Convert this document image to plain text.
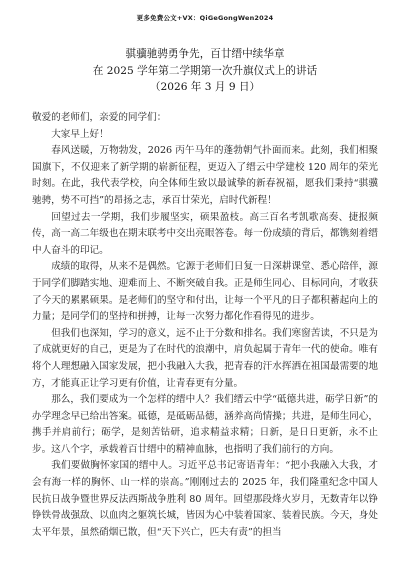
更多免费公文+VX：QiGeGongWen2024
骐骥驰骋勇争先，百廿缙中续华章
在 2025 学年第二学期第一次升旗仪式上的讲话
（2026 年 3 月 9 日）

敬爱的老师们，亲爱的同学们：

大家早上好！

春风送暖，万物勃发，2026 丙午马年的蓬勃朝气扑面而来。此刻，我们相聚国旗下，不仅迎来了新学期的崭新征程，更迈入了缙云中学建校 120 周年的荣光时刻。在此，我代表学校，向全体师生致以最诚挚的新春祝福，愿我们秉持“骐骥驰骋，势不可挡”的昂扬之志，承百廿荣光，启时代新程！

回望过去一学期，我们步履坚实，硕果盈枝。高三百名考凯歌高奏、捷报频传，高一高二年级也在期末联考中交出亮眼答卷。每一份成绩的背后，都镌刻着缙中人奋斗的印记。

成绩的取得，从来不是偶然。它源于老师们日复一日深耕课堂、悉心陪伴，源于同学们脚踏实地、迎难而上、不断突破自我。正是师生同心、目标同向，才收获了今天的累累硕果。是老师们的坚守和付出，让每一个平凡的日子都积蓄起向上的力量；是同学们的坚持和拼搏，让每一次努力都化作看得见的进步。

但我们也深知，学习的意义，远不止于分数和排名。我们寒窗苦读，不只是为了成就更好的自己，更是为了在时代的浪潮中，肩负起属于青年一代的使命。唯有将个人理想融入国家发展，把小我融入大我，把青春的汗水挥洒在祖国最需要的地方，才能真正让学习更有价值，让青春更有分量。

那么，我们要成为一个怎样的缙中人？我们缙云中学“砥德共进，砺学日新”的办学理念早已给出答案。砥德，是砥砺品德，涵养高尚情操；共进，是师生同心，携手并肩前行；砺学，是刻苦钻研，追求精益求精；日新，是日日更新，永不止步。这八个字，承载着百廿缙中的精神血脉，也指明了我们前行的方向。

我们要做胸怀家国的缙中人。习近平总书记寄语青年：“把小我融入大我，才会有海一样的胸怀、山一样的崇高。”刚刚过去的 2025 年，我们隆重纪念中国人民抗日战争暨世界反法西斯战争胜利 80 周年。回望那段烽火岁月，无数青年以铮铮铁骨战强敌、以血肉之躯筑长城，皆因为心中装着国家、装着民族。今天，身处太平年景，虽然硝烟已散，但“天下兴亡，匹夫有责”的担当
